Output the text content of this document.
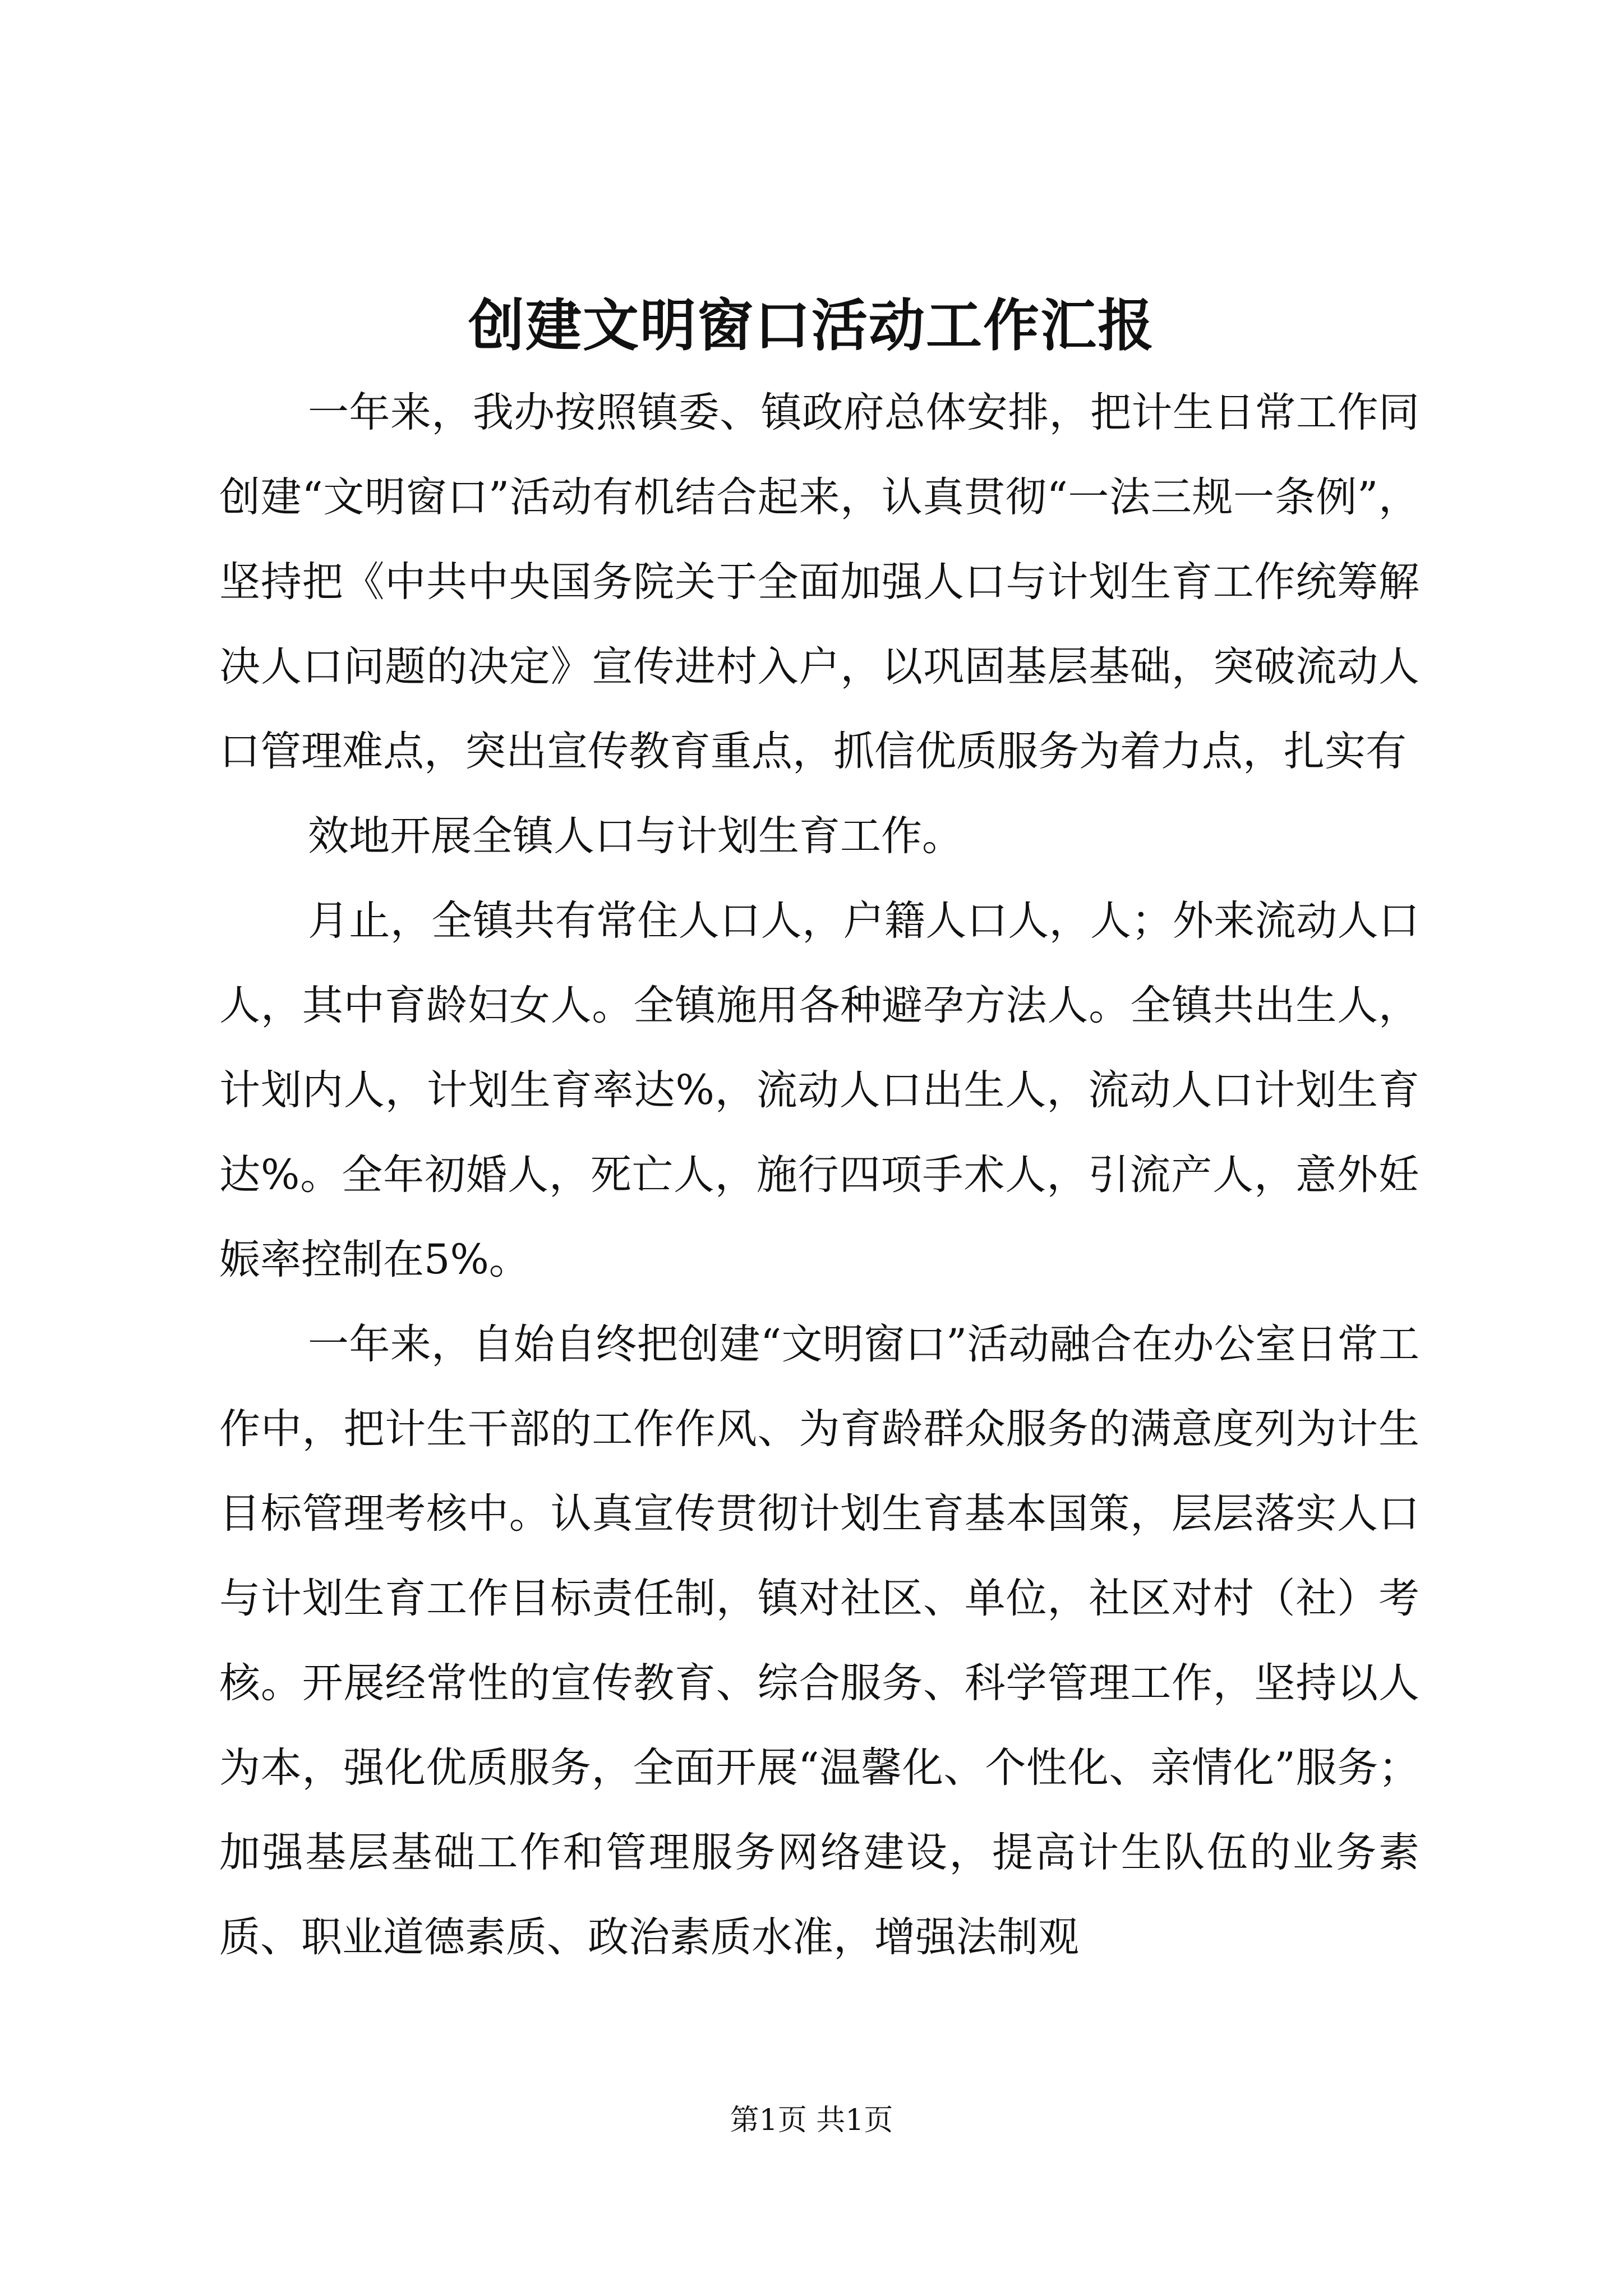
创建文明窗口活动工作汇报

一年来，我办按照镇委、镇政府总体安排，把计生日常工作同创建“文明窗口”活动有机结合起来，认真贯彻“一法三规一条例”，坚持把《中共中央国务院关于全面加强人口与计划生育工作统筹解决人口问题的决定》宣传进村入户，以巩固基层基础，突破流动人口管理难点，突出宣传教育重点，抓信优质服务为着力点，扎实有

效地开展全镇人口与计划生育工作。

月止，全镇共有常住人口人，户籍人口人，人；外来流动人口人，其中育龄妇女人。全镇施用各种避孕方法人。全镇共出生人，计划内人，计划生育率达%，流动人口出生人，流动人口计划生育达%。全年初婚人，死亡人，施行四项手术人，引流产人，意外妊娠率控制在5%。

一年来，自始自终把创建“文明窗口”活动融合在办公室日常工作中，把计生干部的工作作风、为育龄群众服务的满意度列为计生目标管理考核中。认真宣传贯彻计划生育基本国策，层层落实人口与计划生育工作目标责任制，镇对社区、单位，社区对村（社）考核。开展经常性的宣传教育、综合服务、科学管理工作，坚持以人为本，强化优质服务，全面开展“温馨化、个性化、亲情化”服务；加强基层基础工作和管理服务网络建设，提高计生队伍的业务素质、职业道德素质、政治素质水准，增强法制观

第1页 共1页
